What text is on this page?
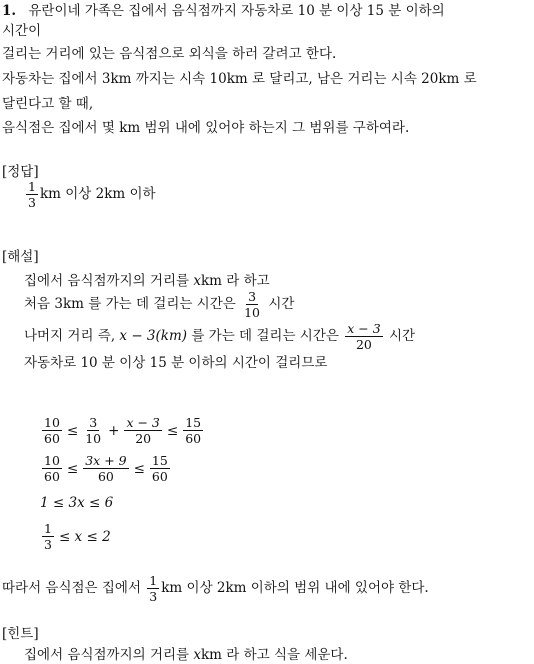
1. 유란이네 가족은 집에서 음식점까지 자동차로 10 분 이상 15 분 이하의
시간이
걸리는 거리에 있는 음식점으로 외식을 하러 갈려고 한다.
자동차는 집에서 3km 까지는 시속 10km 로 달리고, 남은 거리는 시속 20km 로
달린다고 할 때,
음식점은 집에서 몇 km 범위 내에 있어야 하는지 그 범위를 구하여라.
[정답]
$\frac{1}{3}$ km 이상 2km 이하
[해설]
집에서 음식점까지의 거리를 xkm 라 하고
처음 3km 를 가는 데 걸리는 시간은 $\frac{3}{10}$ 시간
나머지 거리 즉, x − 3(km) 를 가는 데 걸리는 시간은 $\frac{x - 3}{20}$ 시간
자동차로 10 분 이상 15 분 이하의 시간이 걸리므로
$\frac{10}{60} \le \frac{3}{10} + \frac{x - 3}{20} \le \frac{15}{60}$
$\frac{10}{60} \le \frac{3x + 9}{60} \le \frac{15}{60}$
1 ≤ 3x ≤ 6
$\frac{1}{3} \le x \le 2$
따라서 음식점은 집에서 $\frac{1}{3}$ km 이상 2km 이하의 범위 내에 있어야 한다.
[힌트]
집에서 음식점까지의 거리를 xkm 라 하고 식을 세운다.
